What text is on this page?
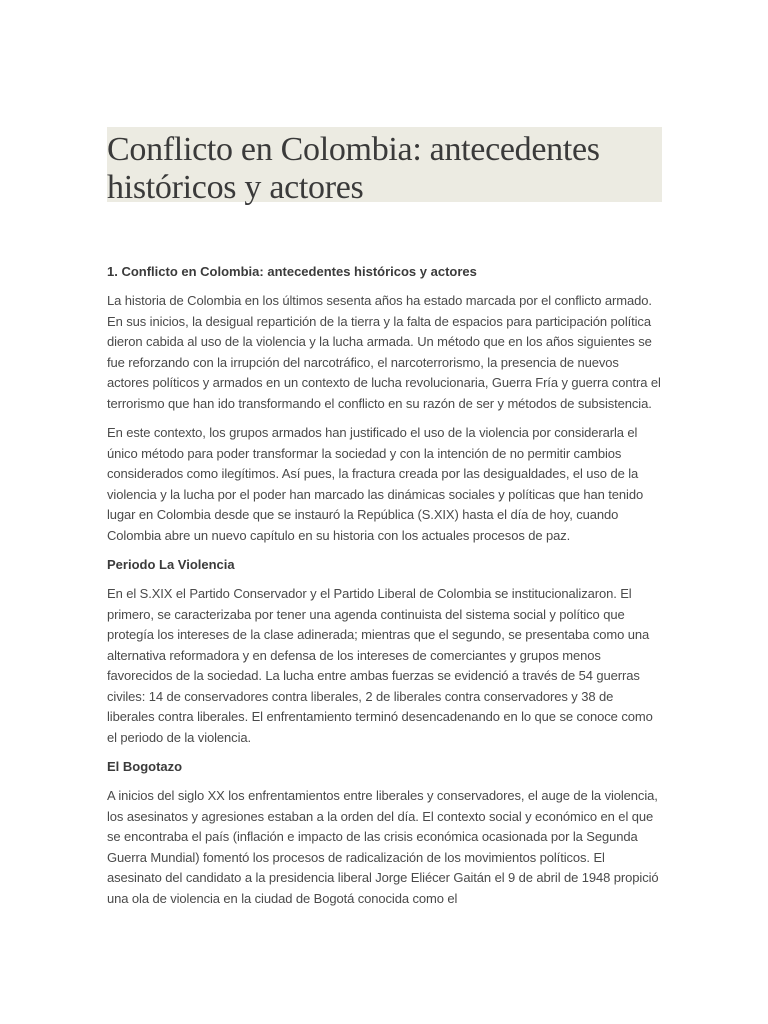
Conflicto en Colombia: antecedentes históricos y actores
1. Conflicto en Colombia: antecedentes históricos y actores

La historia de Colombia en los últimos sesenta años ha estado marcada por el conflicto armado. En sus inicios, la desigual repartición de la tierra y la falta de espacios para participación política dieron cabida al uso de la violencia y la lucha armada. Un método que en los años siguientes se fue reforzando con la irrupción del narcotráfico, el narcoterrorismo, la presencia de nuevos actores políticos y armados en un contexto de lucha revolucionaria, Guerra Fría y guerra contra el terrorismo que han ido transformando el conflicto en su razón de ser y métodos de subsistencia.

En este contexto, los grupos armados han justificado el uso de la violencia por considerarla el único método para poder transformar la sociedad y con la intención de no permitir cambios considerados como ilegítimos. Así pues, la fractura creada por las desigualdades, el uso de la violencia y la lucha por el poder han marcado las dinámicas sociales y políticas que han tenido lugar en Colombia desde que se instauró la República (S.XIX) hasta el día de hoy, cuando Colombia abre un nuevo capítulo en su historia con los actuales procesos de paz.

Periodo La Violencia

En el S.XIX el Partido Conservador y el Partido Liberal de Colombia se institucionalizaron. El primero, se caracterizaba por tener una agenda continuista del sistema social y político que protegía los intereses de la clase adinerada; mientras que el segundo, se presentaba como una alternativa reformadora y en defensa de los intereses de comerciantes y grupos menos favorecidos de la sociedad. La lucha entre ambas fuerzas se evidenció a través de 54 guerras civiles: 14 de conservadores contra liberales, 2 de liberales contra conservadores y 38 de liberales contra liberales. El enfrentamiento terminó desencadenando en lo que se conoce como el periodo de la violencia.

El Bogotazo

A inicios del siglo XX los enfrentamientos entre liberales y conservadores, el auge de la violencia, los asesinatos y agresiones estaban a la orden del día. El contexto social y económico en el que se encontraba el país (inflación e impacto de las crisis económica ocasionada por la Segunda Guerra Mundial) fomentó los procesos de radicalización de los movimientos políticos. El asesinato del candidato a la presidencia liberal Jorge Eliécer Gaitán el 9 de abril de 1948 propició una ola de violencia en la ciudad de Bogotá conocida como el
